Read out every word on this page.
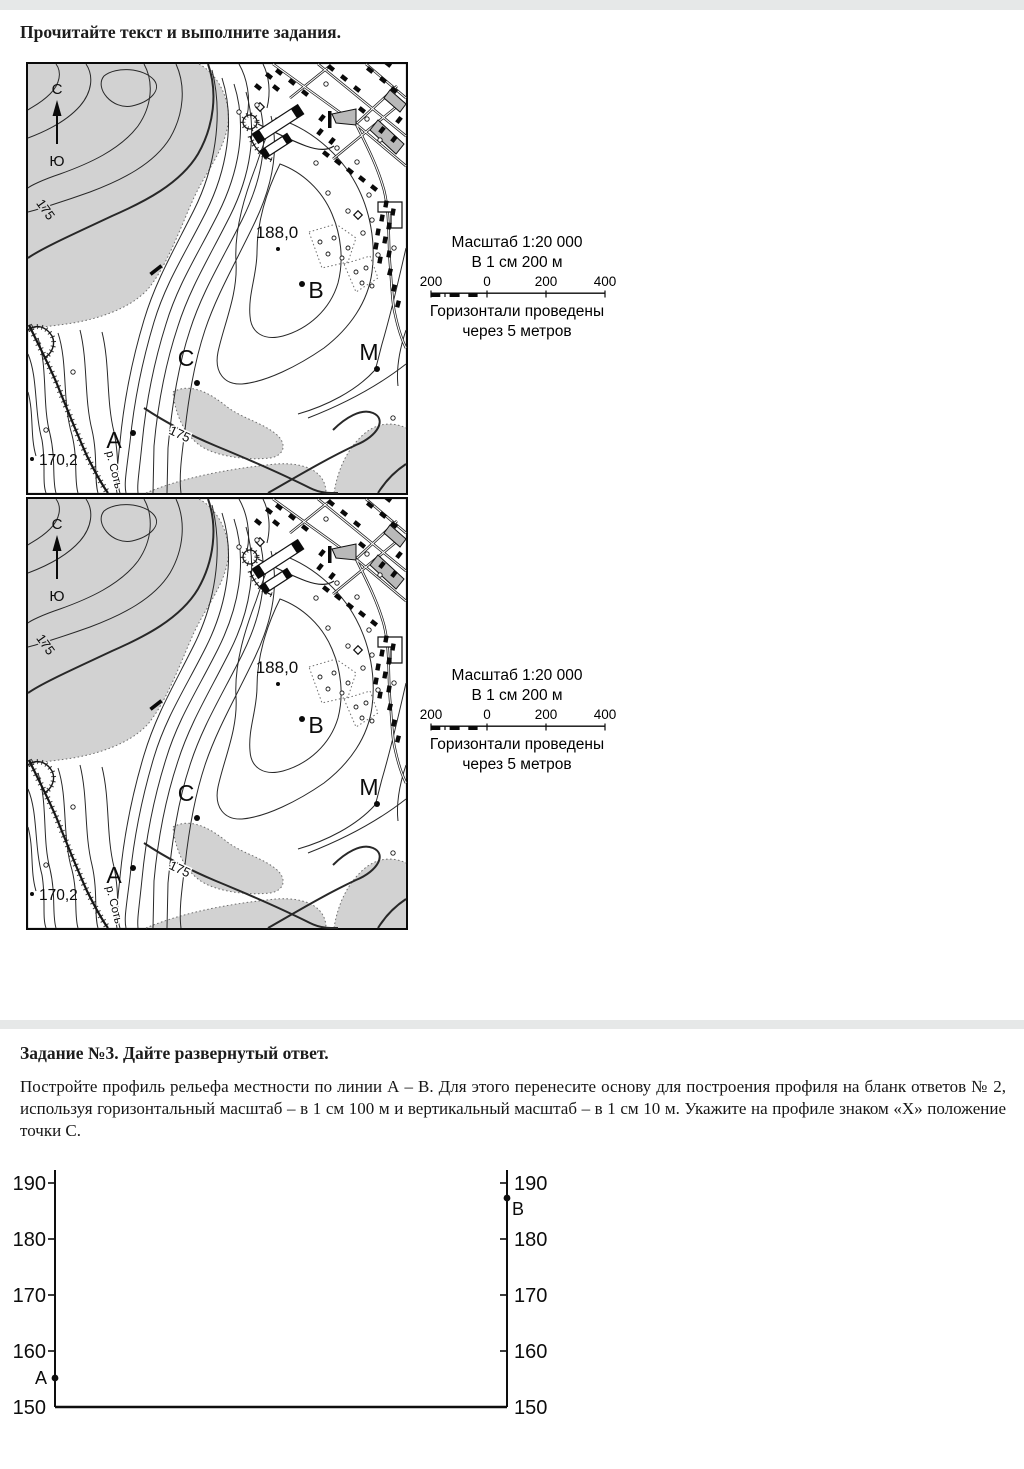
Прочитайте текст и выполните задания.
Масштаб 1:20 000
В 1 см 200 м
200	0	200	400
Горизонтали проведены
через 5 метров
Масштаб 1:20 000
В 1 см 200 м
200	0	200	400
Горизонтали проведены
через 5 метров
Задание №3. Дайте развернутый ответ.
Постройте профиль рельефа местности по линии А – В. Для этого перенесите основу для построения профиля на бланк ответов № 2, используя горизонтальный масштаб – в 1 см 100 м и вертикальный масштаб – в 1 см 10 м. Укажите на профиле знаком «Х» положение точки С.
190
180
170
160
150
190
180
170
160
150
А
В
